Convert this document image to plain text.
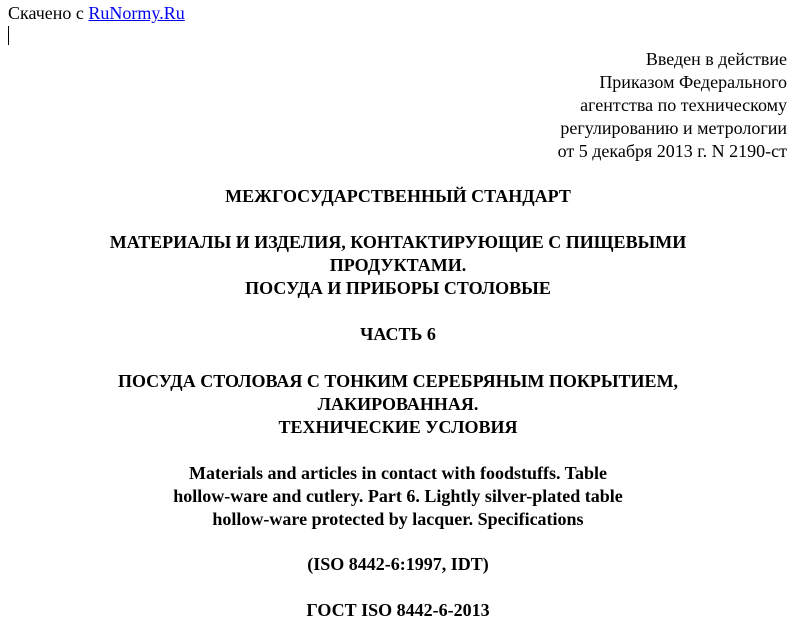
Скачено с RuNormy.Ru
Введен в действие
Приказом Федерального
агентства по техническому
регулированию и метрологии
от 5 декабря 2013 г. N 2190-ст
МЕЖГОСУДАРСТВЕННЫЙ СТАНДАРТ
МАТЕРИАЛЫ И ИЗДЕЛИЯ, КОНТАКТИРУЮЩИЕ С ПИЩЕВЫМИ
ПРОДУКТАМИ.
ПОСУДА И ПРИБОРЫ СТОЛОВЫЕ
ЧАСТЬ 6
ПОСУДА СТОЛОВАЯ С ТОНКИМ СЕРЕБРЯНЫМ ПОКРЫТИЕМ,
ЛАКИРОВАННАЯ.
ТЕХНИЧЕСКИЕ УСЛОВИЯ
Materials and articles in contact with foodstuffs. Table
hollow-ware and cutlery. Part 6. Lightly silver-plated table
hollow-ware protected by lacquer. Specifications
(ISO 8442-6:1997, IDT)
ГОСТ ISO 8442-6-2013
